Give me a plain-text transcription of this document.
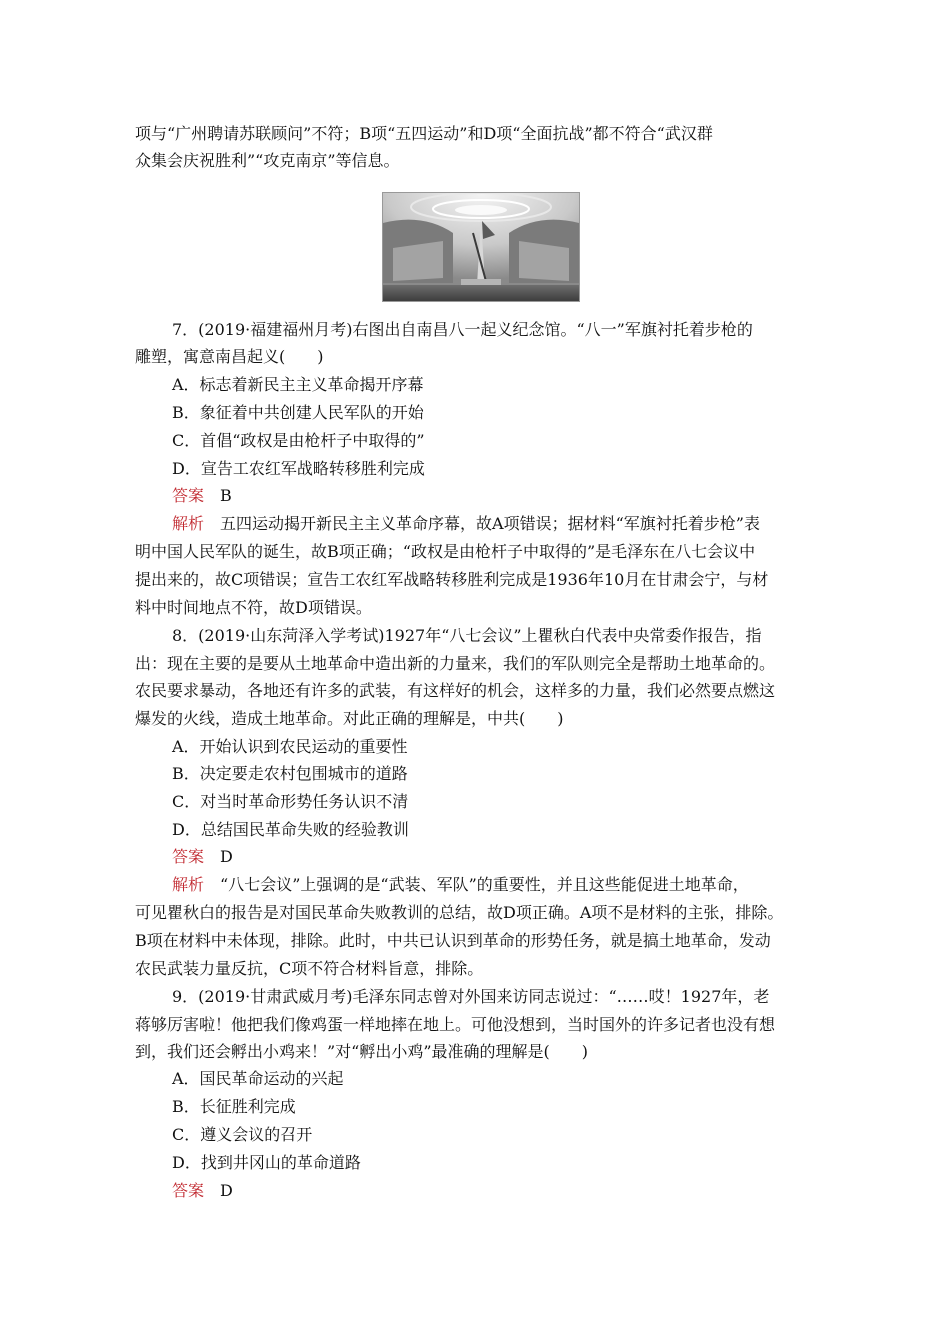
项与“广州聘请苏联顾问”不符；B项“五四运动”和D项“全面抗战”都不符合“武汉群
众集会庆祝胜利”“攻克南京”等信息。
7．(2019·福建福州月考)右图出自南昌八一起义纪念馆。“八一”军旗衬托着步枪的
雕塑，寓意南昌起义(　　)
A．标志着新民主主义革命揭开序幕
B．象征着中共创建人民军队的开始
C．首倡“政权是由枪杆子中取得的”
D．宣告工农红军战略转移胜利完成
答案　 B
解析　 五四运动揭开新民主主义革命序幕，故A项错误；据材料“军旗衬托着步枪”表
明中国人民军队的诞生，故B项正确；“政权是由枪杆子中取得的”是毛泽东在八七会议中
提出来的，故C项错误；宣告工农红军战略转移胜利完成是1936年10月在甘肃会宁，与材
料中时间地点不符，故D项错误。
8．(2019·山东菏泽入学考试)1927年“八七会议”上瞿秋白代表中央常委作报告，指
出：现在主要的是要从土地革命中造出新的力量来，我们的军队则完全是帮助土地革命的。
农民要求暴动，各地还有许多的武装，有这样好的机会，这样多的力量，我们必然要点燃这
爆发的火线，造成土地革命。对此正确的理解是，中共(　　)
A．开始认识到农民运动的重要性
B．决定要走农村包围城市的道路
C．对当时革命形势任务认识不清
D．总结国民革命失败的经验教训
答案　 D
解析　 “八七会议”上强调的是“武装、军队”的重要性，并且这些能促进土地革命，
可见瞿秋白的报告是对国民革命失败教训的总结，故D项正确。A项不是材料的主张，排除。
B项在材料中未体现，排除。此时，中共已认识到革命的形势任务，就是搞土地革命，发动
农民武装力量反抗，C项不符合材料旨意，排除。
9．(2019·甘肃武威月考)毛泽东同志曾对外国来访同志说过：“……哎！1927年，老
蒋够厉害啦！他把我们像鸡蛋一样地摔在地上。可他没想到，当时国外的许多记者也没有想
到，我们还会孵出小鸡来！”对“孵出小鸡”最准确的理解是(　　)
A．国民革命运动的兴起
B．长征胜利完成
C．遵义会议的召开
D．找到井冈山的革命道路
答案　 D
